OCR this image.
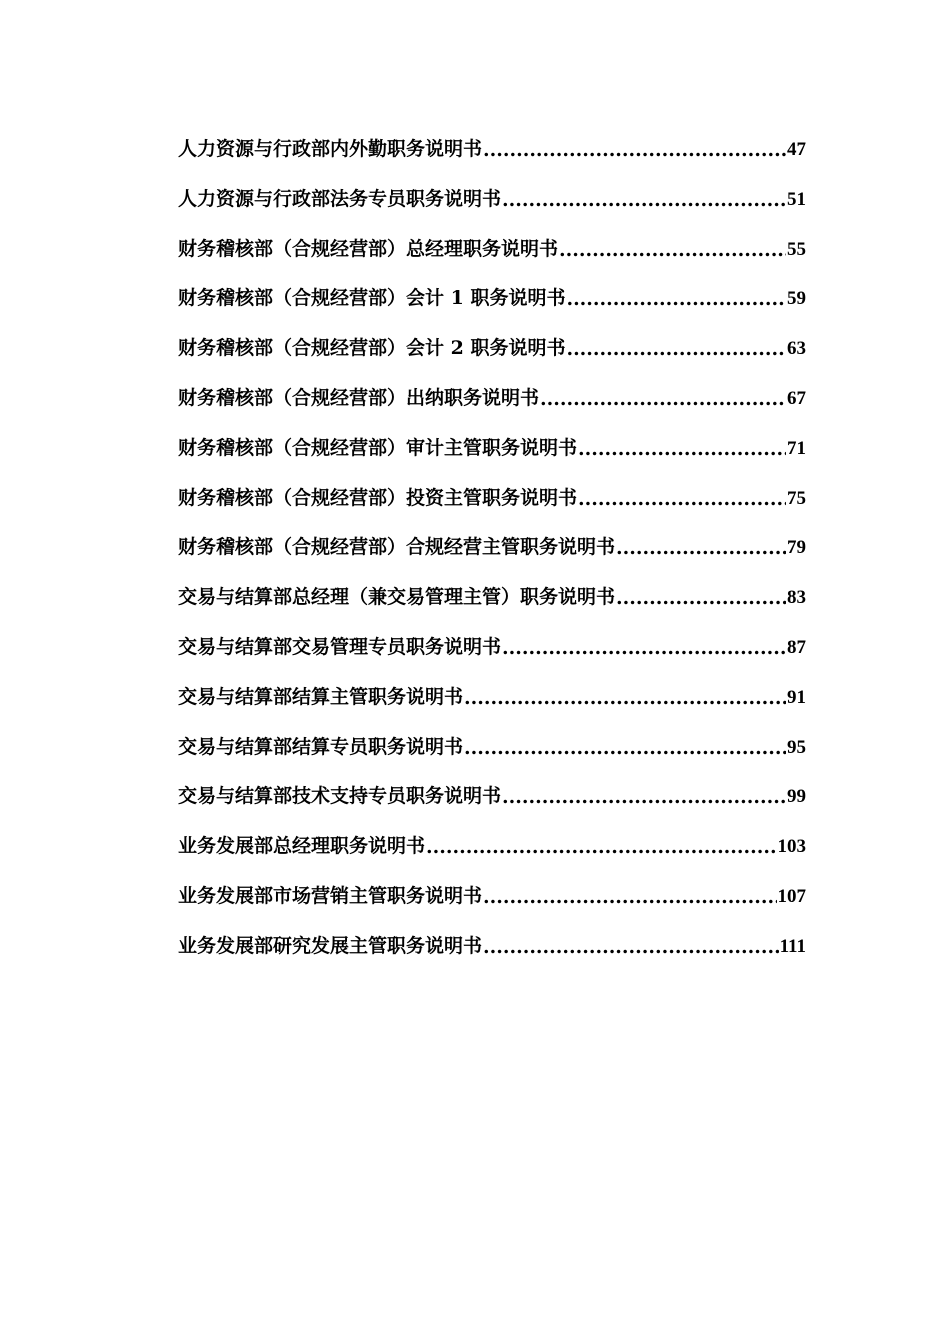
人力资源与行政部内外勤职务说明书 .....	47
人力资源与行政部法务专员职务说明书 .....	51
财务稽核部（合规经营部）总经理职务说明书 .....	55
财务稽核部（合规经营部）会计 1 职务说明书 .....	59
财务稽核部（合规经营部）会计 2 职务说明书 .....	63
财务稽核部（合规经营部）出纳职务说明书 .....	67
财务稽核部（合规经营部）审计主管职务说明书 .....	71
财务稽核部（合规经营部）投资主管职务说明书 .....	75
财务稽核部（合规经营部）合规经营主管职务说明书 .....	79
交易与结算部总经理（兼交易管理主管）职务说明书 .....	83
交易与结算部交易管理专员职务说明书 .....	87
交易与结算部结算主管职务说明书 .....	91
交易与结算部结算专员职务说明书 .....	95
交易与结算部技术支持专员职务说明书 .....	99
业务发展部总经理职务说明书 .....	103
业务发展部市场营销主管职务说明书 .....	107
业务发展部研究发展主管职务说明书 .....	111
